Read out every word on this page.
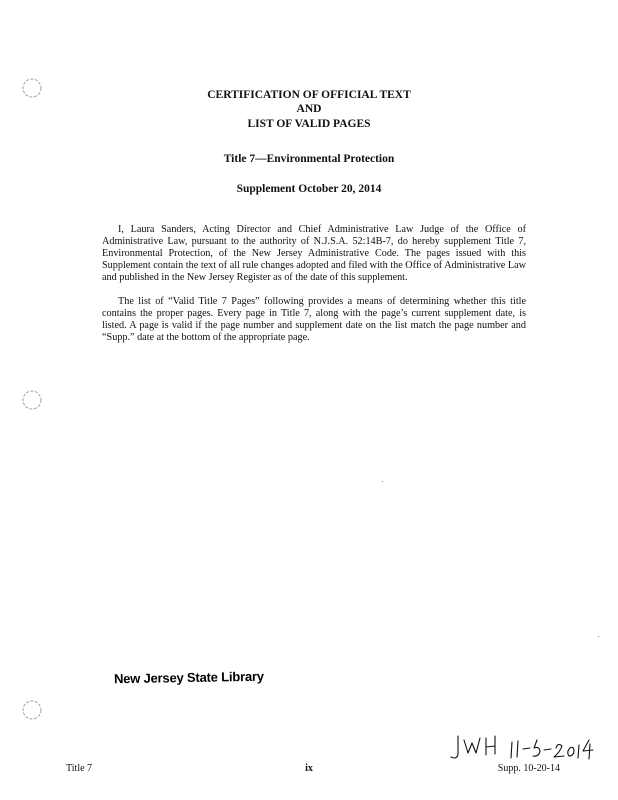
CERTIFICATION OF OFFICIAL TEXT
AND
LIST OF VALID PAGES
Title 7—Environmental Protection
Supplement October 20, 2014

I, Laura Sanders, Acting Director and Chief Administrative Law Judge of the Office of Administrative Law, pursuant to the authority of N.J.S.A. 52:14B-7, do hereby supplement Title 7, Environmental Protection, of the New Jersey Administrative Code. The pages issued with this Supplement contain the text of all rule changes adopted and filed with the Office of Administrative Law and published in the New Jersey Register as of the date of this supplement.

The list of “Valid Title 7 Pages” following provides a means of determining whether this title contains the proper pages. Every page in Title 7, along with the page’s current supplement date, is listed. A page is valid if the page number and supplement date on the list match the page number and “Supp.” date at the bottom of the appropriate page.

New Jersey State Library
Title 7	ix	Supp. 10-20-14
